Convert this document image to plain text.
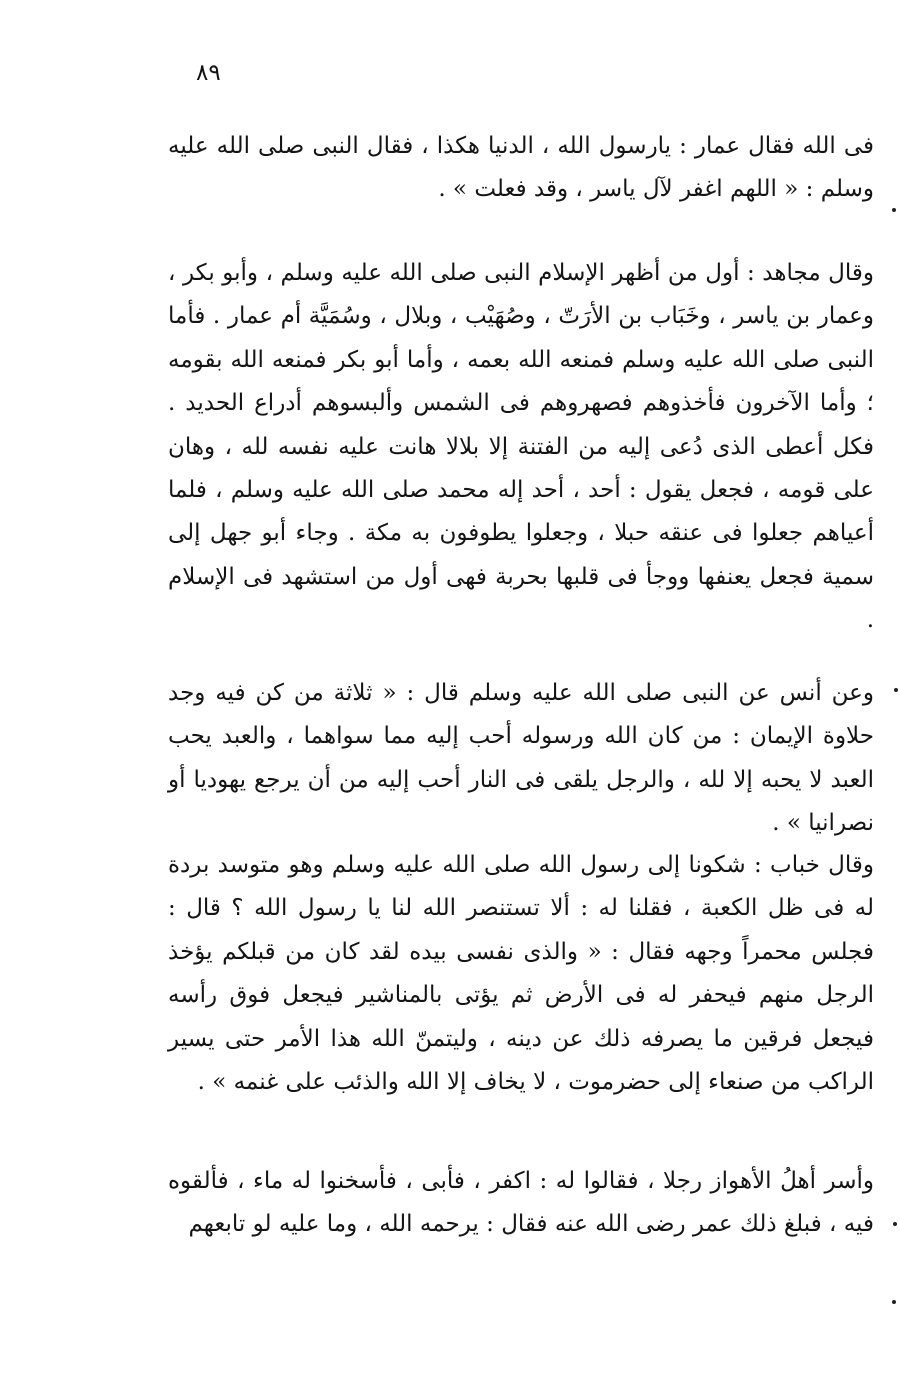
٨٩

فى الله فقال عمار : يارسول الله ، الدنيا هكذا ، فقال النبى صلى الله عليه وسلم : « اللهم اغفر لآل ياسر ، وقد فعلت » .

وقال مجاهد : أول من أظهر الإسلام النبى صلى الله عليه وسلم ، وأبو بكر ، وعمار بن ياسر ، وخَبَاب بن الأرَتّ ، وصُهَيْب ، وبلال ، وسُمَيَّة أم عمار . فأما النبى صلى الله عليه وسلم فمنعه الله بعمه ، وأما أبو بكر فمنعه الله بقومه ؛ وأما الآخرون فأخذوهم فصهروهم فى الشمس وألبسوهم أدراع الحديد . فكل أعطى الذى دُعى إليه من الفتنة إلا بلالا هانت عليه نفسه لله ، وهان على قومه ، فجعل يقول : أحد ، أحد إله محمد صلى الله عليه وسلم ، فلما أعياهم جعلوا فى عنقه حبلا ، وجعلوا يطوفون به مكة . وجاء أبو جهل إلى سمية فجعل يعنفها ووجأ فى قلبها بحربة فهى أول من استشهد فى الإسلام .

وعن أنس عن النبى صلى الله عليه وسلم قال : « ثلاثة من كن فيه وجد حلاوة الإيمان : من كان الله ورسوله أحب إليه مما سواهما ، والعبد يحب العبد لا يحبه إلا لله ، والرجل يلقى فى النار أحب إليه من أن يرجع يهوديا أو نصرانيا » .

وقال خباب : شكونا إلى رسول الله صلى الله عليه وسلم وهو متوسد بردة له فى ظل الكعبة ، فقلنا له : ألا تستنصر الله لنا يا رسول الله ؟ قال : فجلس محمراً وجهه فقال : « والذى نفسى بيده لقد كان من قبلكم يؤخذ الرجل منهم فيحفر له فى الأرض ثم يؤتى بالمناشير فيجعل فوق رأسه فيجعل فرقين ما يصرفه ذلك عن دينه ، وليتمنّ الله هذا الأمر حتى يسير الراكب من صنعاء إلى حضرموت ، لا يخاف إلا الله والذئب على غنمه » .

وأسر أهلُ الأهواز رجلا ، فقالوا له : اكفر ، فأبى ، فأسخنوا له ماء ، فألقوه فيه ، فبلغ ذلك عمر رضى الله عنه فقال : يرحمه الله ، وما عليه لو تابعهم
